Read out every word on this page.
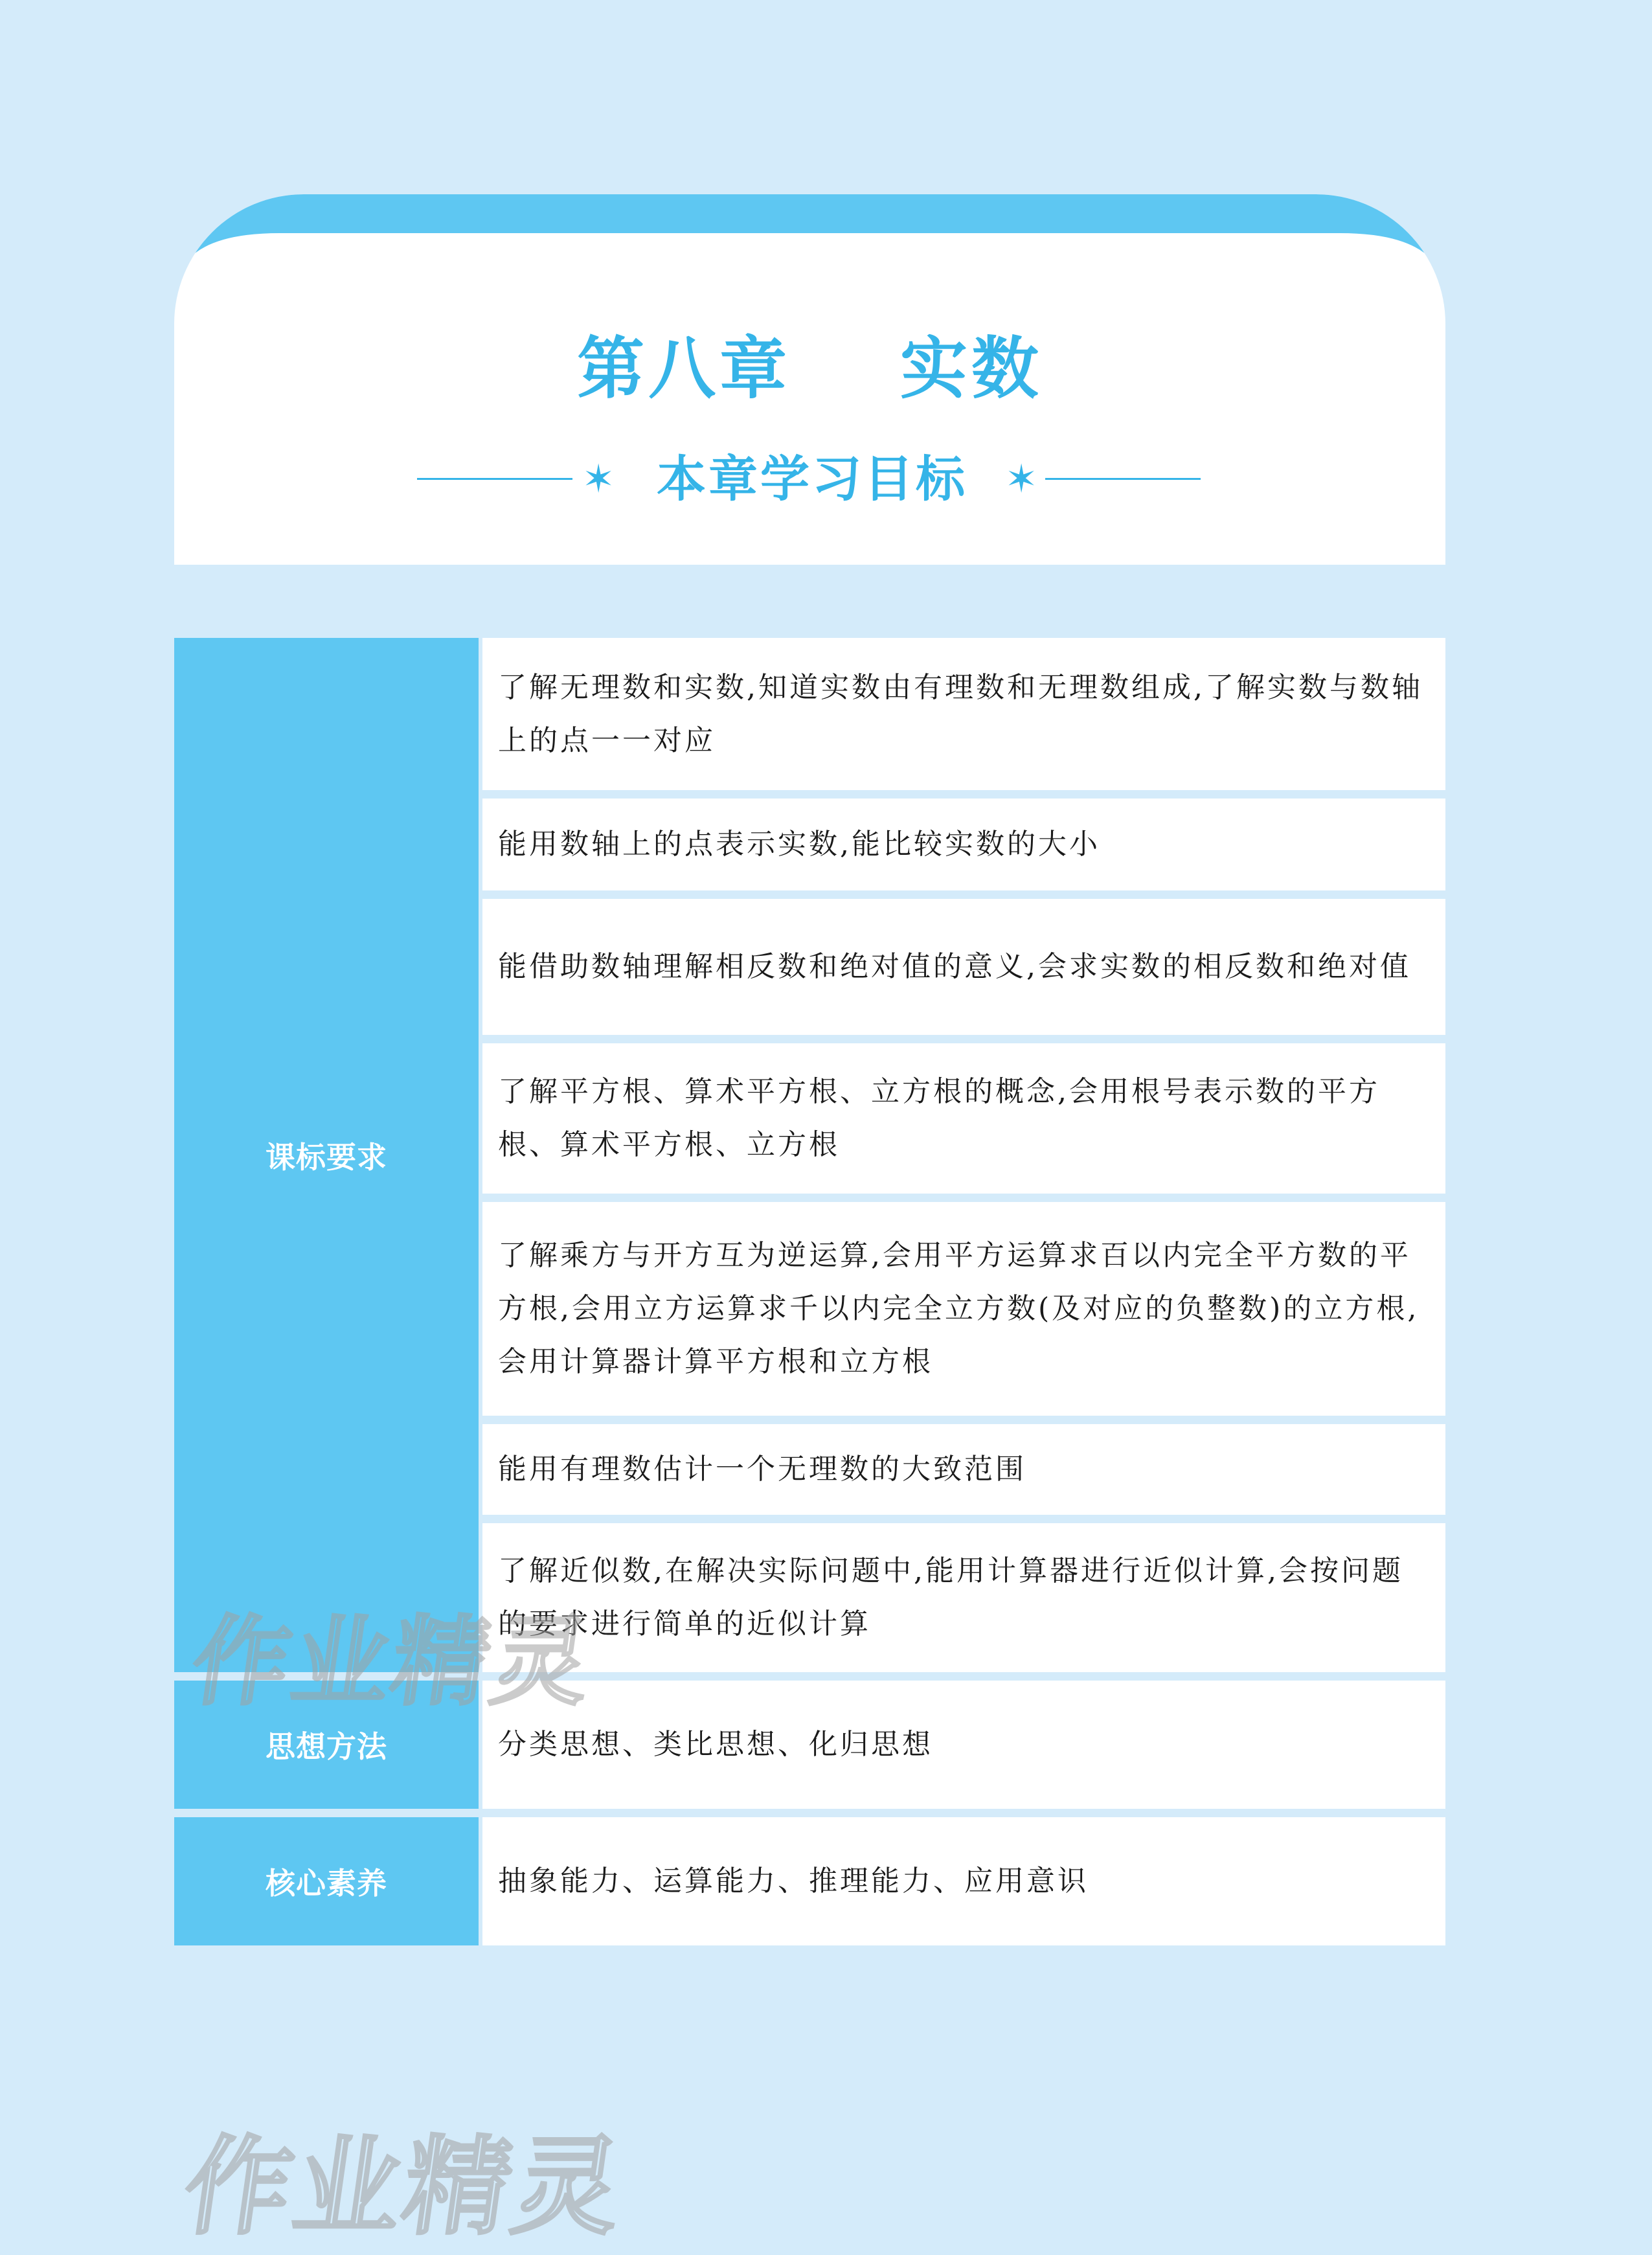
第八章    实数
✶ 本章学习目标 ✶
课标要求
了解无理数和实数,知道实数由有理数和无理数组成,了解实数与数轴上的点一一对应
能用数轴上的点表示实数,能比较实数的大小
能借助数轴理解相反数和绝对值的意义,会求实数的相反数和绝对值
了解平方根、算术平方根、立方根的概念,会用根号表示数的平方根、算术平方根、立方根
了解乘方与开方互为逆运算,会用平方运算求百以内完全平方数的平方根,会用立方运算求千以内完全立方数(及对应的负整数)的立方根,会用计算器计算平方根和立方根
能用有理数估计一个无理数的大致范围
了解近似数,在解决实际问题中,能用计算器进行近似计算,会按问题的要求进行简单的近似计算
思想方法	分类思想、类比思想、化归思想
核心素养	抽象能力、运算能力、推理能力、应用意识
作业精灵
作业精灵
